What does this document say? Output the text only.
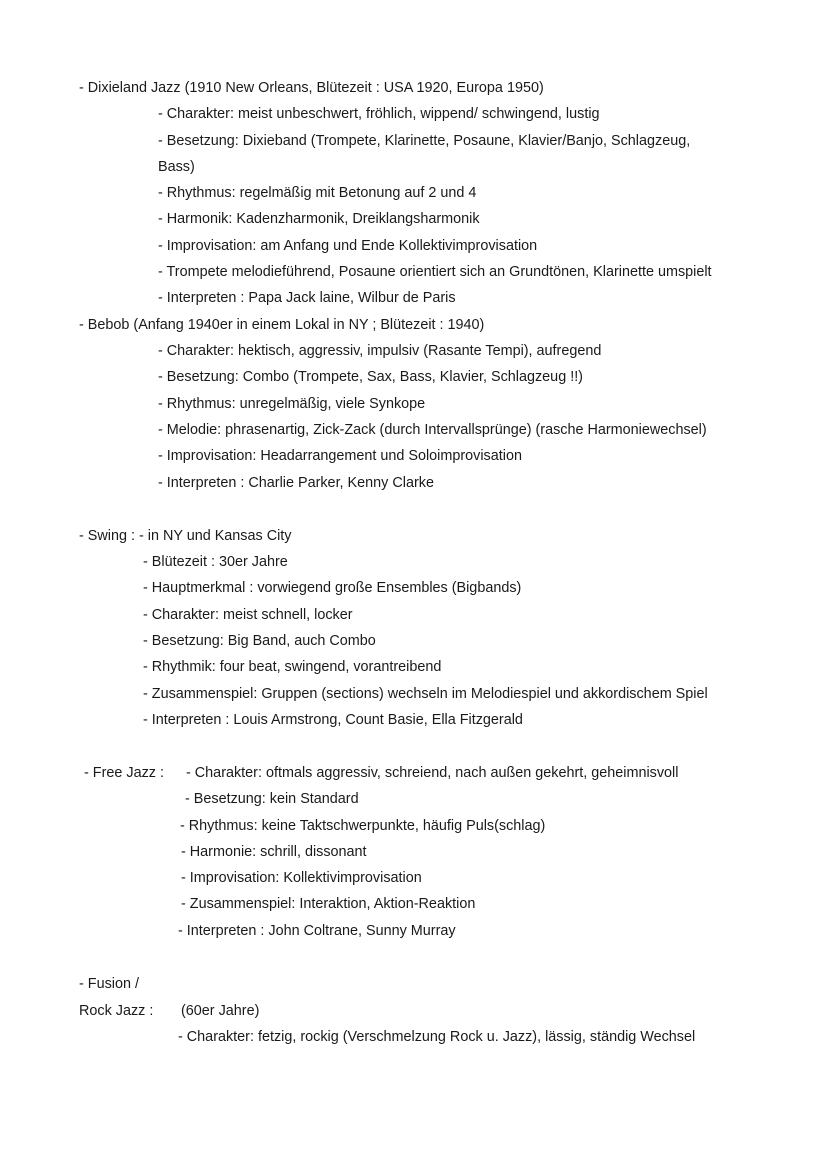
- Dixieland Jazz (1910 New Orleans, Blütezeit : USA 1920, Europa 1950)
- Charakter: meist unbeschwert, fröhlich, wippend/ schwingend, lustig
- Besetzung: Dixieband (Trompete, Klarinette, Posaune, Klavier/Banjo, Schlagzeug,
Bass)
- Rhythmus: regelmäßig mit Betonung auf 2 und 4
- Harmonik: Kadenzharmonik, Dreiklangsharmonik
- Improvisation: am Anfang und Ende Kollektivimprovisation
- Trompete melodieführend, Posaune orientiert sich an Grundtönen, Klarinette umspielt
- Interpreten : Papa Jack laine, Wilbur de Paris
- Bebob (Anfang 1940er in einem Lokal in NY ; Blütezeit : 1940)
- Charakter: hektisch, aggressiv, impulsiv (Rasante Tempi), aufregend
- Besetzung: Combo (Trompete, Sax, Bass, Klavier, Schlagzeug !!)
- Rhythmus: unregelmäßig, viele Synkope
- Melodie: phrasenartig, Zick-Zack (durch Intervallsprünge) (rasche Harmoniewechsel)
- Improvisation: Headarrangement und Soloimprovisation
- Interpreten : Charlie Parker, Kenny Clarke
- Swing : - in NY und Kansas City
- Blütezeit : 30er Jahre
- Hauptmerkmal : vorwiegend große Ensembles (Bigbands)
- Charakter: meist schnell, locker
- Besetzung: Big Band, auch Combo
- Rhythmik: four beat, swingend, vorantreibend
- Zusammenspiel: Gruppen (sections) wechseln im Melodiespiel und akkordischem Spiel
- Interpreten : Louis Armstrong, Count Basie, Ella Fitzgerald
- Free Jazz : - Charakter: oftmals aggressiv, schreiend, nach außen gekehrt, geheimnisvoll
- Besetzung: kein Standard
- Rhythmus: keine Taktschwerpunkte, häufig Puls(schlag)
- Harmonie: schrill, dissonant
- Improvisation: Kollektivimprovisation
- Zusammenspiel: Interaktion, Aktion-Reaktion
- Interpreten : John Coltrane, Sunny Murray
- Fusion /
Rock Jazz : (60er Jahre)
- Charakter: fetzig, rockig (Verschmelzung Rock u. Jazz), lässig, ständig Wechsel
